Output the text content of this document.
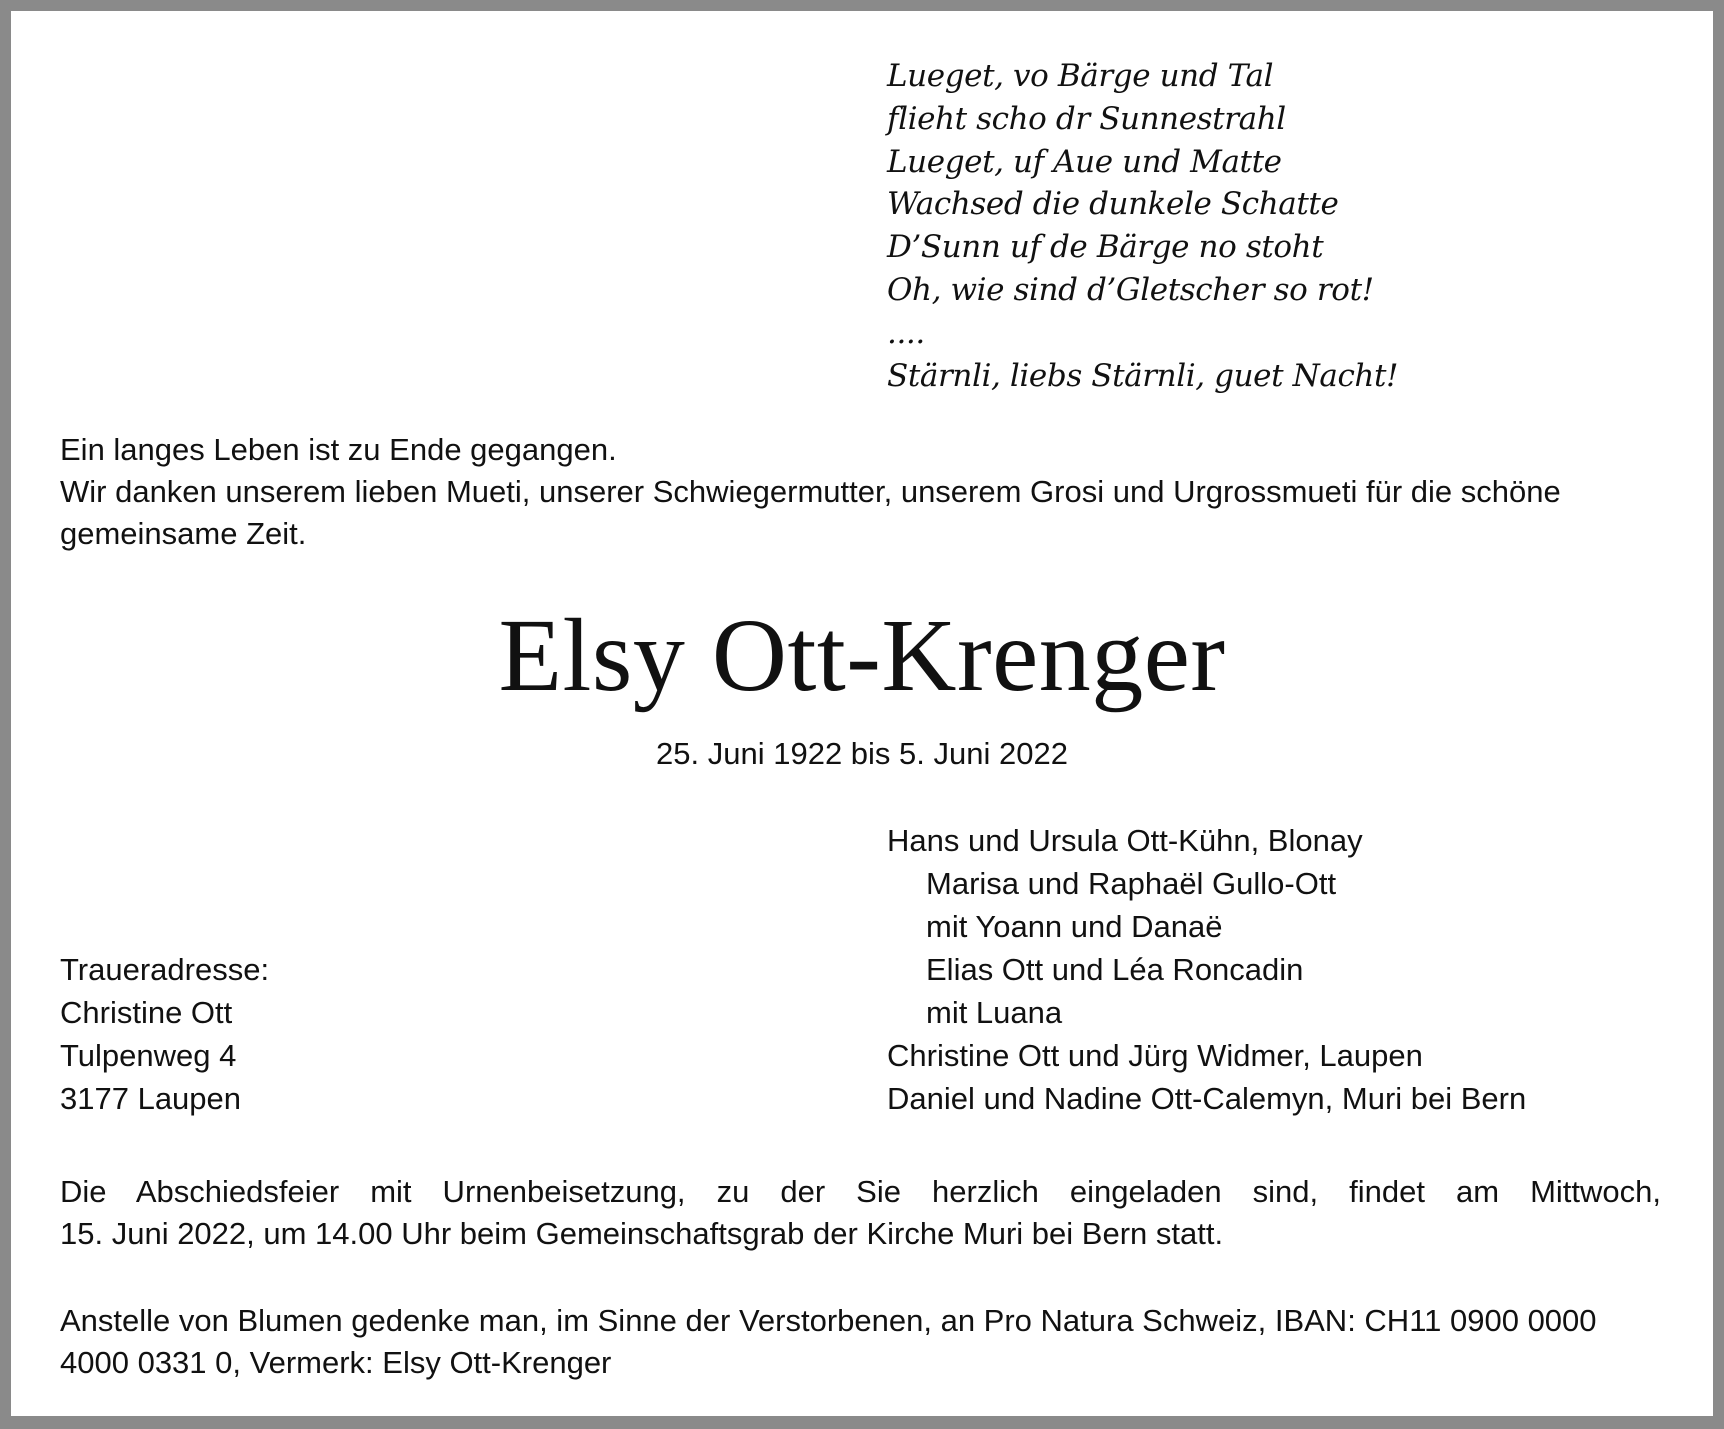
Lueget, vo Bärge und Tal
flieht scho dr Sunnestrahl
Lueget, uf Aue und Matte
Wachsed die dunkele Schatte
D’Sunn uf de Bärge no stoht
Oh, wie sind d’Gletscher so rot!
....
Stärnli, liebs Stärnli, guet Nacht!
Ein langes Leben ist zu Ende gegangen.
Wir danken unserem lieben Mueti, unserer Schwiegermutter, unserem Grosi und Urgrossmueti für die schöne
gemeinsame Zeit.
Elsy Ott-Krenger
25. Juni 1922 bis 5. Juni 2022
Hans und Ursula Ott-Kühn, Blonay
Marisa und Raphaël Gullo-Ott
mit Yoann und Danaë
Elias Ott und Léa Roncadin
mit Luana
Christine Ott und Jürg Widmer, Laupen
Daniel und Nadine Ott-Calemyn, Muri bei Bern
Traueradresse:
Christine Ott
Tulpenweg 4
3177 Laupen
Die Abschiedsfeier mit Urnenbeisetzung, zu der Sie herzlich eingeladen sind, findet am Mittwoch,
15. Juni 2022, um 14.00 Uhr beim Gemeinschaftsgrab der Kirche Muri bei Bern statt.
Anstelle von Blumen gedenke man, im Sinne der Verstorbenen, an Pro Natura Schweiz, IBAN: CH11 0900 0000
4000 0331 0, Vermerk: Elsy Ott-Krenger
